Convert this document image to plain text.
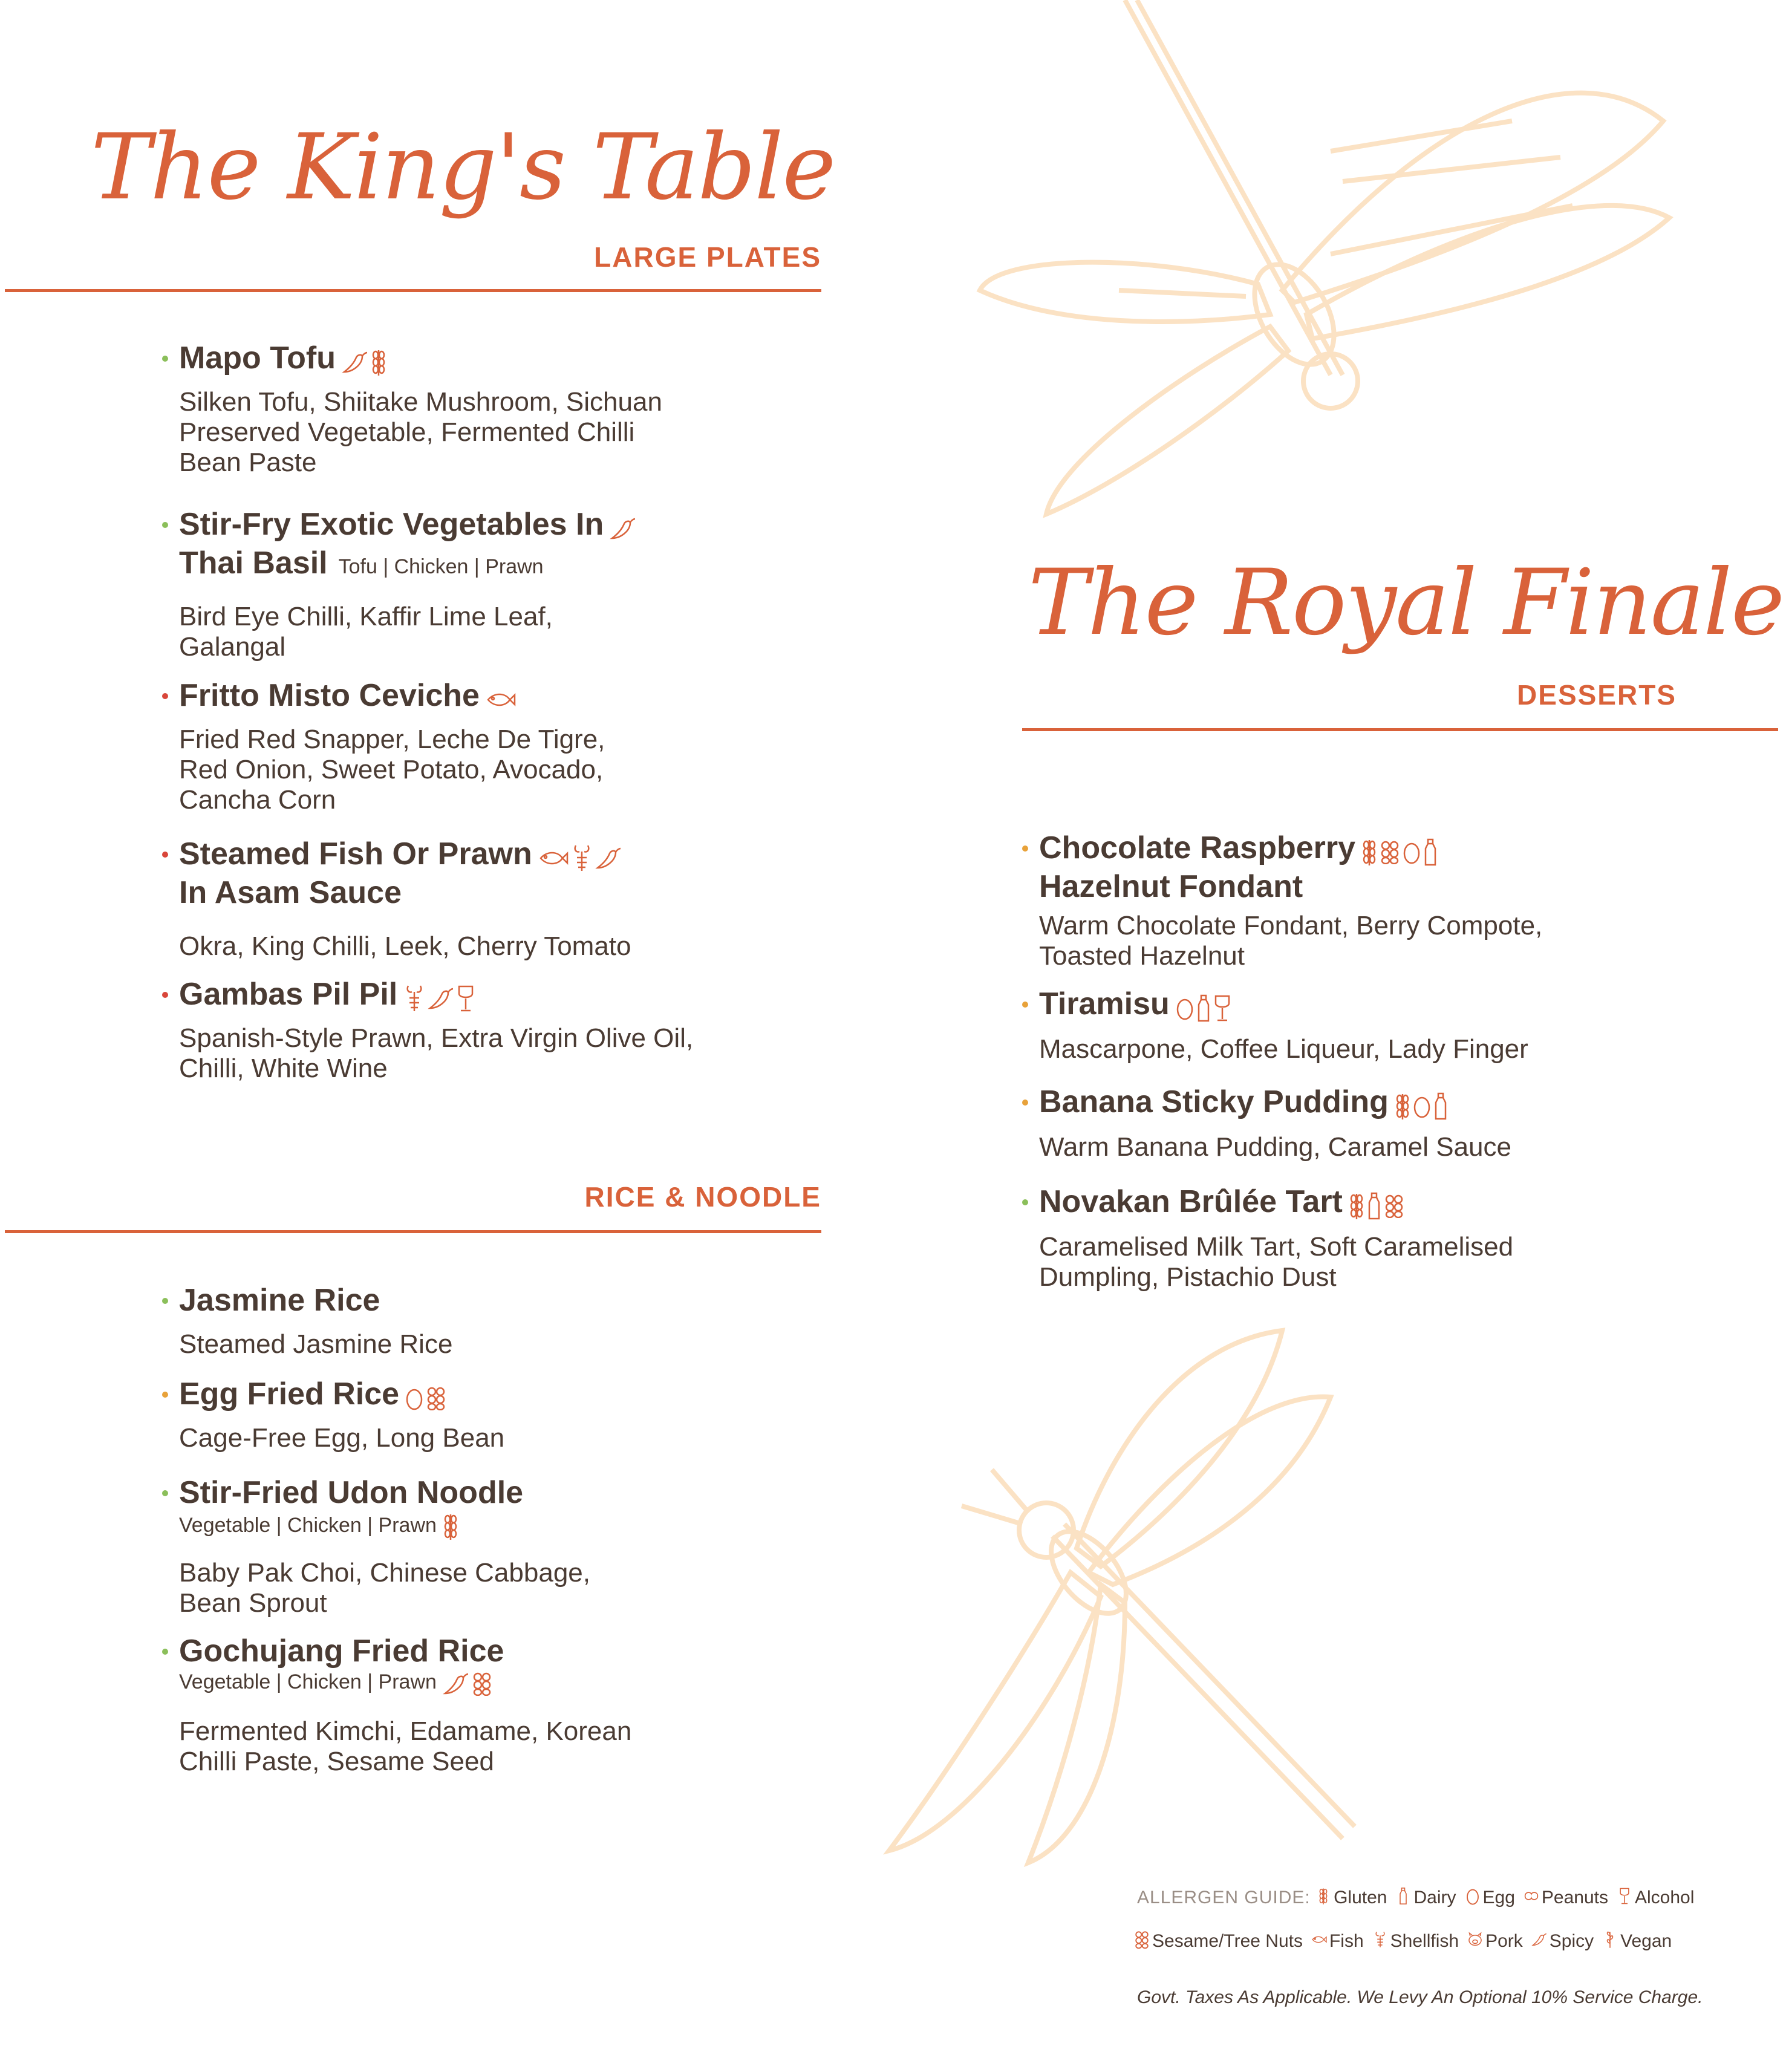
The King's Table
LARGE PLATES
Mapo Tofu
Silken Tofu, Shiitake Mushroom, Sichuan
Preserved Vegetable, Fermented Chilli
Bean Paste
Stir-Fry Exotic Vegetables In
Thai Basil Tofu | Chicken | Prawn
Bird Eye Chilli, Kaffir Lime Leaf,
Galangal
Fritto Misto Ceviche
Fried Red Snapper, Leche De Tigre,
Red Onion, Sweet Potato, Avocado,
Cancha Corn
Steamed Fish Or Prawn
In Asam Sauce
Okra, King Chilli, Leek, Cherry Tomato
Gambas Pil Pil
Spanish-Style Prawn, Extra Virgin Olive Oil,
Chilli, White Wine
RICE & NOODLE
Jasmine Rice
Steamed Jasmine Rice
Egg Fried Rice
Cage-Free Egg, Long Bean
Stir-Fried Udon Noodle
Vegetable | Chicken | Prawn
Baby Pak Choi, Chinese Cabbage,
Bean Sprout
Gochujang Fried Rice
Vegetable | Chicken | Prawn
Fermented Kimchi, Edamame, Korean
Chilli Paste, Sesame Seed
The Royal Finale
DESSERTS
Chocolate Raspberry
Hazelnut Fondant
Warm Chocolate Fondant, Berry Compote,
Toasted Hazelnut
Tiramisu
Mascarpone, Coffee Liqueur, Lady Finger
Banana Sticky Pudding
Warm Banana Pudding, Caramel Sauce
Novakan Brûlée Tart
Caramelised Milk Tart, Soft Caramelised
Dumpling, Pistachio Dust
ALLERGEN GUIDE: Gluten Dairy Egg Peanuts Alcohol
Sesame/Tree Nuts Fish Shellfish Pork Spicy Vegan
Govt. Taxes As Applicable. We Levy An Optional 10% Service Charge.
